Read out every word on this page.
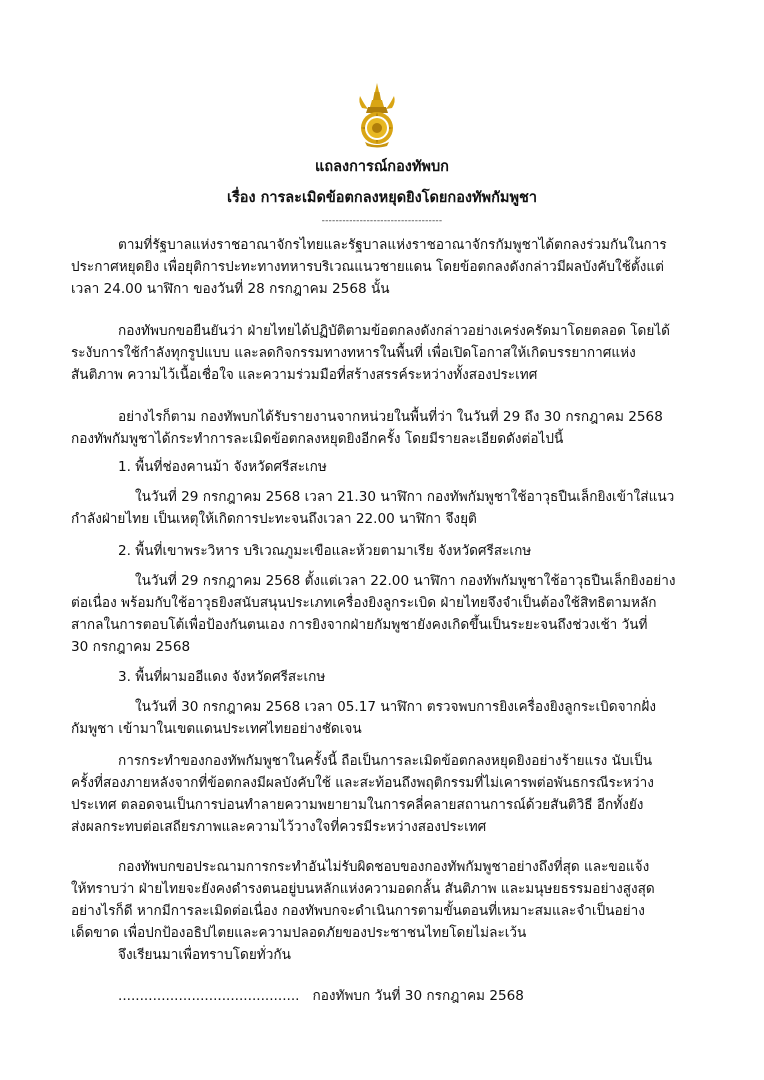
แถลงการณ์กองทัพบก
เรื่อง การละเมิดข้อตกลงหยุดยิงโดยกองทัพกัมพูชา
-----------------------------------
ตามที่รัฐบาลแห่งราชอาณาจักรไทยและรัฐบาลแห่งราชอาณาจักรกัมพูชาได้ตกลงร่วมกันในการ
ประกาศหยุดยิง เพื่อยุติการปะทะทางทหารบริเวณแนวชายแดน โดยข้อตกลงดังกล่าวมีผลบังคับใช้ตั้งแต่
เวลา 24.00 นาฬิกา ของวันที่ 28 กรกฎาคม 2568 นั้น
กองทัพบกขอยืนยันว่า ฝ่ายไทยได้ปฏิบัติตามข้อตกลงดังกล่าวอย่างเคร่งครัดมาโดยตลอด โดยได้
ระงับการใช้กำลังทุกรูปแบบ และลดกิจกรรมทางทหารในพื้นที่ เพื่อเปิดโอกาสให้เกิดบรรยากาศแห่ง
สันติภาพ ความไว้เนื้อเชื่อใจ และความร่วมมือที่สร้างสรรค์ระหว่างทั้งสองประเทศ
อย่างไรก็ตาม กองทัพบกได้รับรายงานจากหน่วยในพื้นที่ว่า ในวันที่ 29 ถึง 30 กรกฎาคม 2568
กองทัพกัมพูชาได้กระทำการละเมิดข้อตกลงหยุดยิงอีกครั้ง โดยมีรายละเอียดดังต่อไปนี้
1. พื้นที่ช่องคานม้า จังหวัดศรีสะเกษ
ในวันที่ 29 กรกฎาคม 2568 เวลา 21.30 นาฬิกา กองทัพกัมพูชาใช้อาวุธปืนเล็กยิงเข้าใส่แนว
กำลังฝ่ายไทย เป็นเหตุให้เกิดการปะทะจนถึงเวลา 22.00 นาฬิกา จึงยุติ
2. พื้นที่เขาพระวิหาร บริเวณภูมะเขือและห้วยตามาเรีย จังหวัดศรีสะเกษ
ในวันที่ 29 กรกฎาคม 2568 ตั้งแต่เวลา 22.00 นาฬิกา กองทัพกัมพูชาใช้อาวุธปืนเล็กยิงอย่าง
ต่อเนื่อง พร้อมกับใช้อาวุธยิงสนับสนุนประเภทเครื่องยิงลูกระเบิด ฝ่ายไทยจึงจำเป็นต้องใช้สิทธิตามหลัก
สากลในการตอบโต้เพื่อป้องกันตนเอง การยิงจากฝ่ายกัมพูชายังคงเกิดขึ้นเป็นระยะจนถึงช่วงเช้า วันที่
30 กรกฎาคม 2568
3. พื้นที่ผามออีแดง จังหวัดศรีสะเกษ
ในวันที่ 30 กรกฎาคม 2568 เวลา 05.17 นาฬิกา ตรวจพบการยิงเครื่องยิงลูกระเบิดจากฝั่ง
กัมพูชา เข้ามาในเขตแดนประเทศไทยอย่างชัดเจน
การกระทำของกองทัพกัมพูชาในครั้งนี้ ถือเป็นการละเมิดข้อตกลงหยุดยิงอย่างร้ายแรง นับเป็น
ครั้งที่สองภายหลังจากที่ข้อตกลงมีผลบังคับใช้ และสะท้อนถึงพฤติกรรมที่ไม่เคารพต่อพันธกรณีระหว่าง
ประเทศ ตลอดจนเป็นการบ่อนทำลายความพยายามในการคลี่คลายสถานการณ์ด้วยสันติวิธี อีกทั้งยัง
ส่งผลกระทบต่อเสถียรภาพและความไว้วางใจที่ควรมีระหว่างสองประเทศ
กองทัพบกขอประณามการกระทำอันไม่รับผิดชอบของกองทัพกัมพูชาอย่างถึงที่สุด และขอแจ้ง
ให้ทราบว่า ฝ่ายไทยจะยังคงดำรงตนอยู่บนหลักแห่งความอดกลั้น สันติภาพ และมนุษยธรรมอย่างสูงสุด
อย่างไรก็ดี หากมีการละเมิดต่อเนื่อง กองทัพบกจะดำเนินการตามขั้นตอนที่เหมาะสมและจำเป็นอย่าง
เด็ดขาด เพื่อปกป้องอธิปไตยและความปลอดภัยของประชาชนไทยโดยไม่ละเว้น
จึงเรียนมาเพื่อทราบโดยทั่วกัน
.......................................... กองทัพบก วันที่ 30 กรกฎาคม 2568
